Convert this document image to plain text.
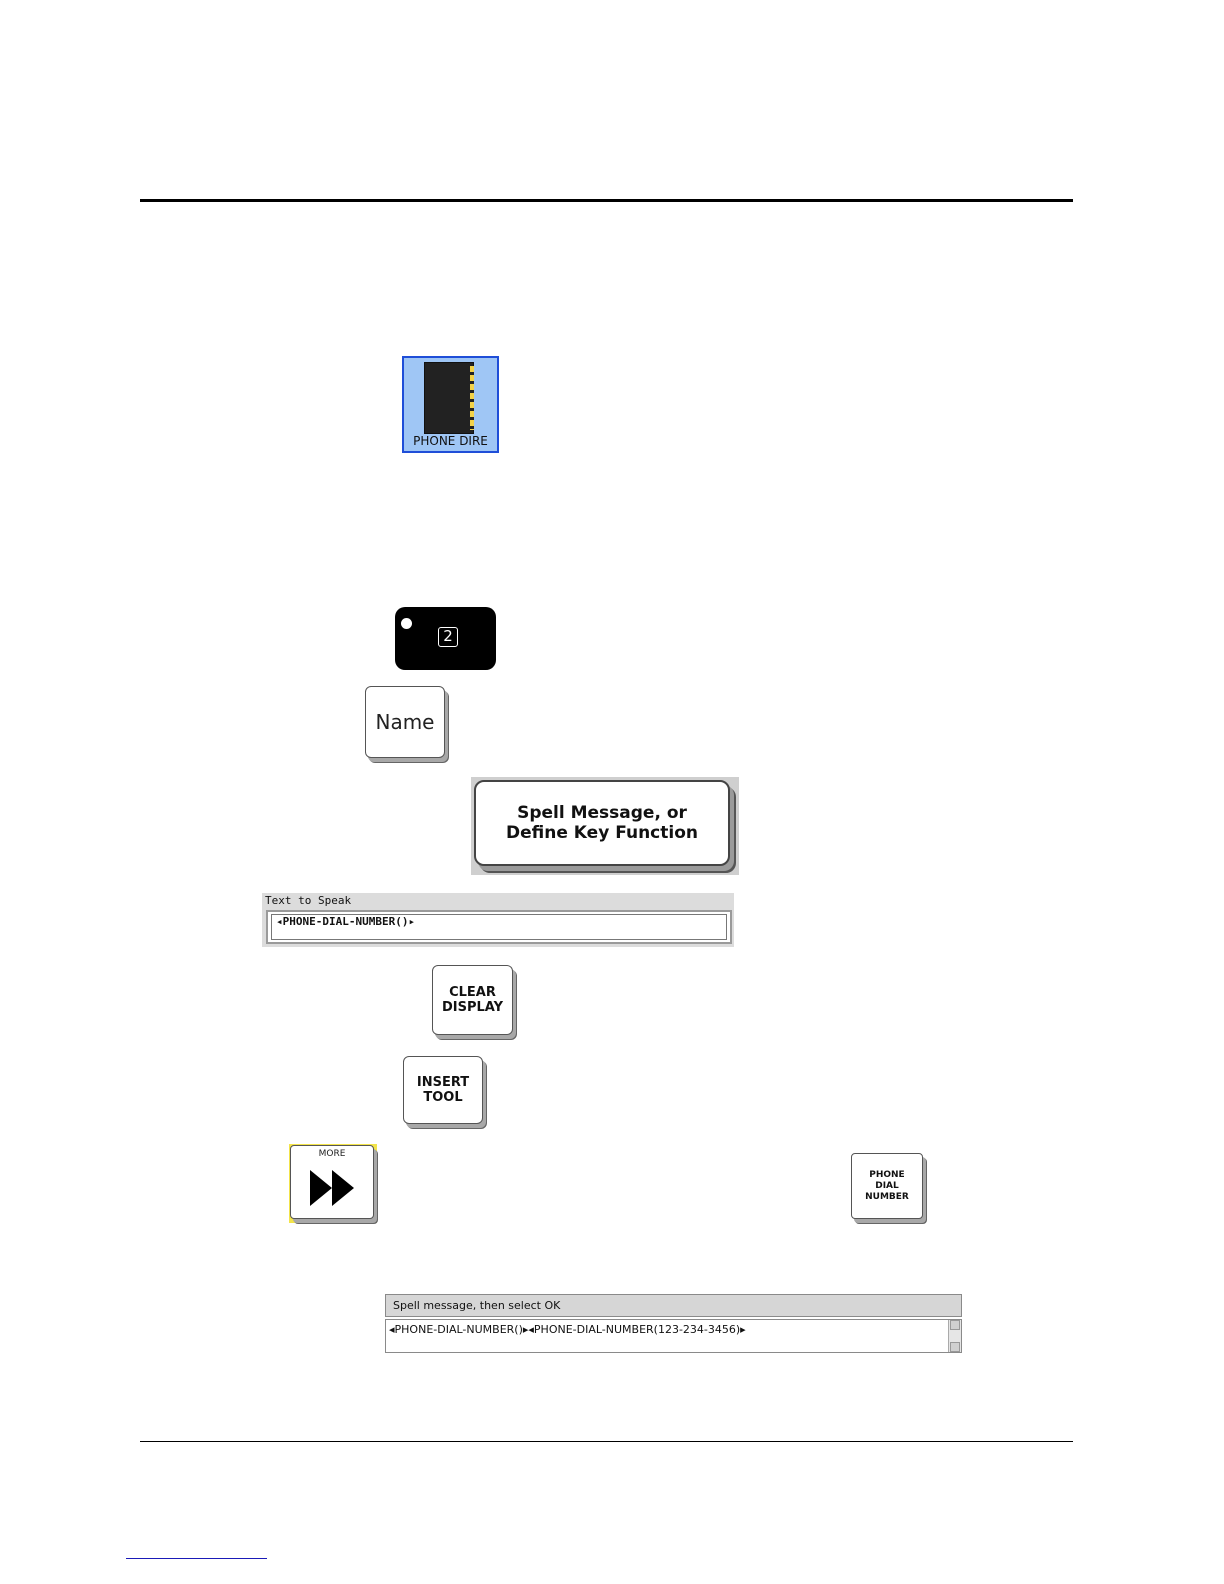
PHONE DIRE
2
Name
Spell Message, or
Define Key Function
Text to Speak
◂PHONE-DIAL-NUMBER()▸
CLEAR
DISPLAY
INSERT
TOOL
MORE
PHONE
DIAL
NUMBER
Spell message, then select OK
◂PHONE-DIAL-NUMBER()▸◂PHONE-DIAL-NUMBER(123-234-3456)▸
